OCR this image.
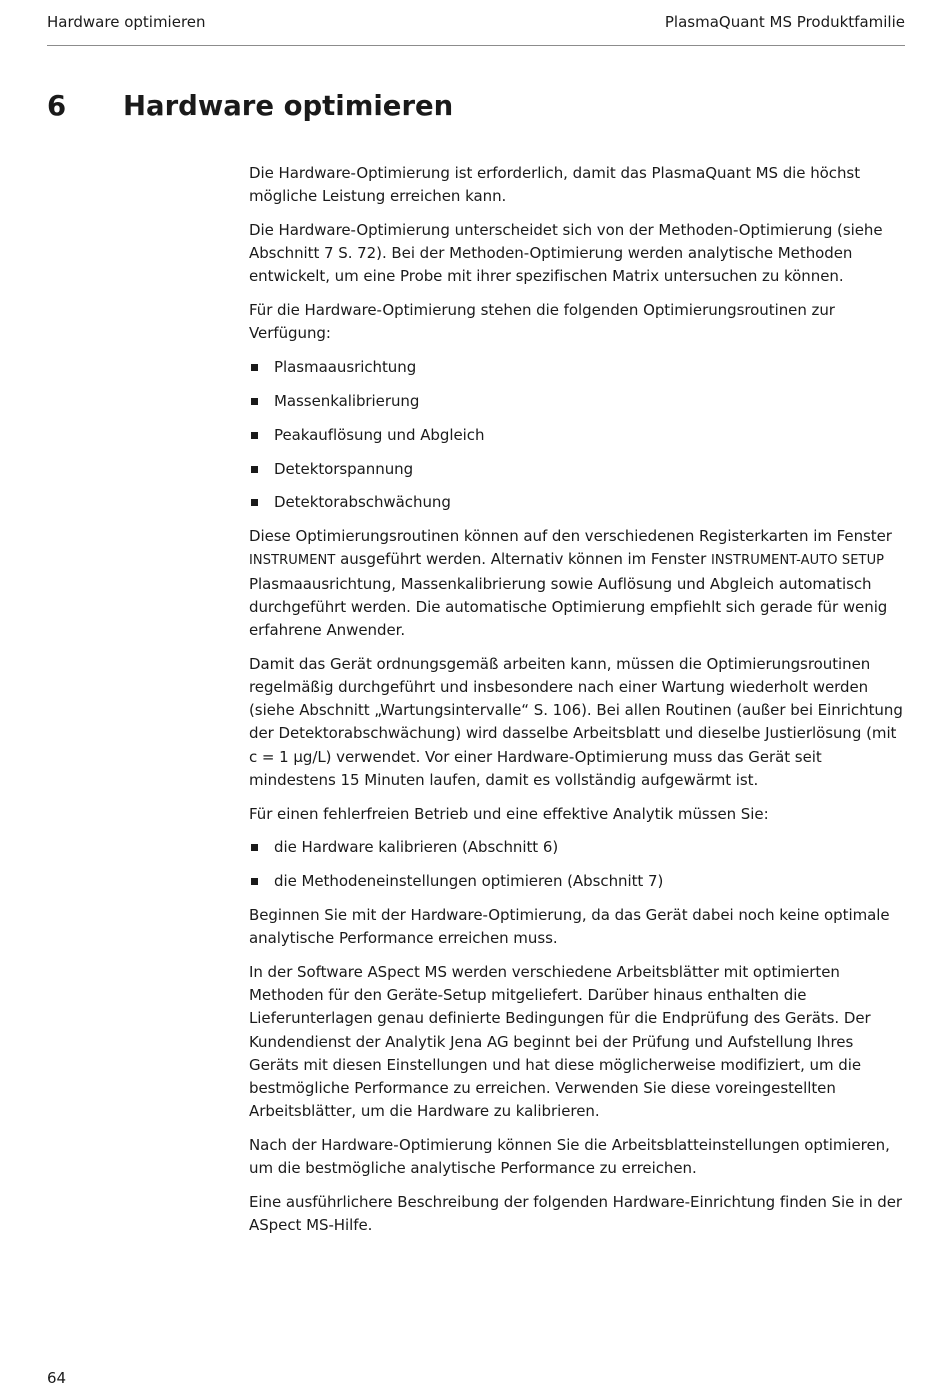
Hardware optimieren	PlasmaQuant MS Produktfamilie
6 Hardware optimieren

Die Hardware-Optimierung ist erforderlich, damit das PlasmaQuant MS die höchst mögliche Leistung erreichen kann.

Die Hardware-Optimierung unterscheidet sich von der Methoden-Optimierung (siehe Abschnitt 7 S. 72). Bei der Methoden-Optimierung werden analytische Methoden entwickelt, um eine Probe mit ihrer spezifischen Matrix untersuchen zu können.

Für die Hardware-Optimierung stehen die folgenden Optimierungsroutinen zur Verfügung:

Plasmaausrichtung
Massenkalibrierung
Peakauflösung und Abgleich
Detektorspannung
Detektorabschwächung

Diese Optimierungsroutinen können auf den verschiedenen Registerkarten im Fenster INSTRUMENT ausgeführt werden. Alternativ können im Fenster INSTRUMENT-AUTO SETUP Plasmaausrichtung, Massenkalibrierung sowie Auflösung und Abgleich automatisch durchgeführt werden. Die automatische Optimierung empfiehlt sich gerade für wenig erfahrene Anwender.

Damit das Gerät ordnungsgemäß arbeiten kann, müssen die Optimierungsroutinen regelmäßig durchgeführt und insbesondere nach einer Wartung wiederholt werden (siehe Abschnitt „Wartungsintervalle“ S. 106). Bei allen Routinen (außer bei Einrichtung der Detektorabschwächung) wird dasselbe Arbeitsblatt und dieselbe Justierlösung (mit c = 1 µg/L) verwendet. Vor einer Hardware-Optimierung muss das Gerät seit mindestens 15 Minuten laufen, damit es vollständig aufgewärmt ist.

Für einen fehlerfreien Betrieb und eine effektive Analytik müssen Sie:

die Hardware kalibrieren (Abschnitt 6)
die Methodeneinstellungen optimieren (Abschnitt 7)

Beginnen Sie mit der Hardware-Optimierung, da das Gerät dabei noch keine optimale analytische Performance erreichen muss.

In der Software ASpect MS werden verschiedene Arbeitsblätter mit optimierten Methoden für den Geräte-Setup mitgeliefert. Darüber hinaus enthalten die Lieferunterlagen genau definierte Bedingungen für die Endprüfung des Geräts. Der Kundendienst der Analytik Jena AG beginnt bei der Prüfung und Aufstellung Ihres Geräts mit diesen Einstellungen und hat diese möglicherweise modifiziert, um die bestmögliche Performance zu erreichen. Verwenden Sie diese voreingestellten Arbeitsblätter, um die Hardware zu kalibrieren.

Nach der Hardware-Optimierung können Sie die Arbeitsblatteinstellungen optimieren, um die bestmögliche analytische Performance zu erreichen.

Eine ausführlichere Beschreibung der folgenden Hardware-Einrichtung finden Sie in der ASpect MS-Hilfe.

64
